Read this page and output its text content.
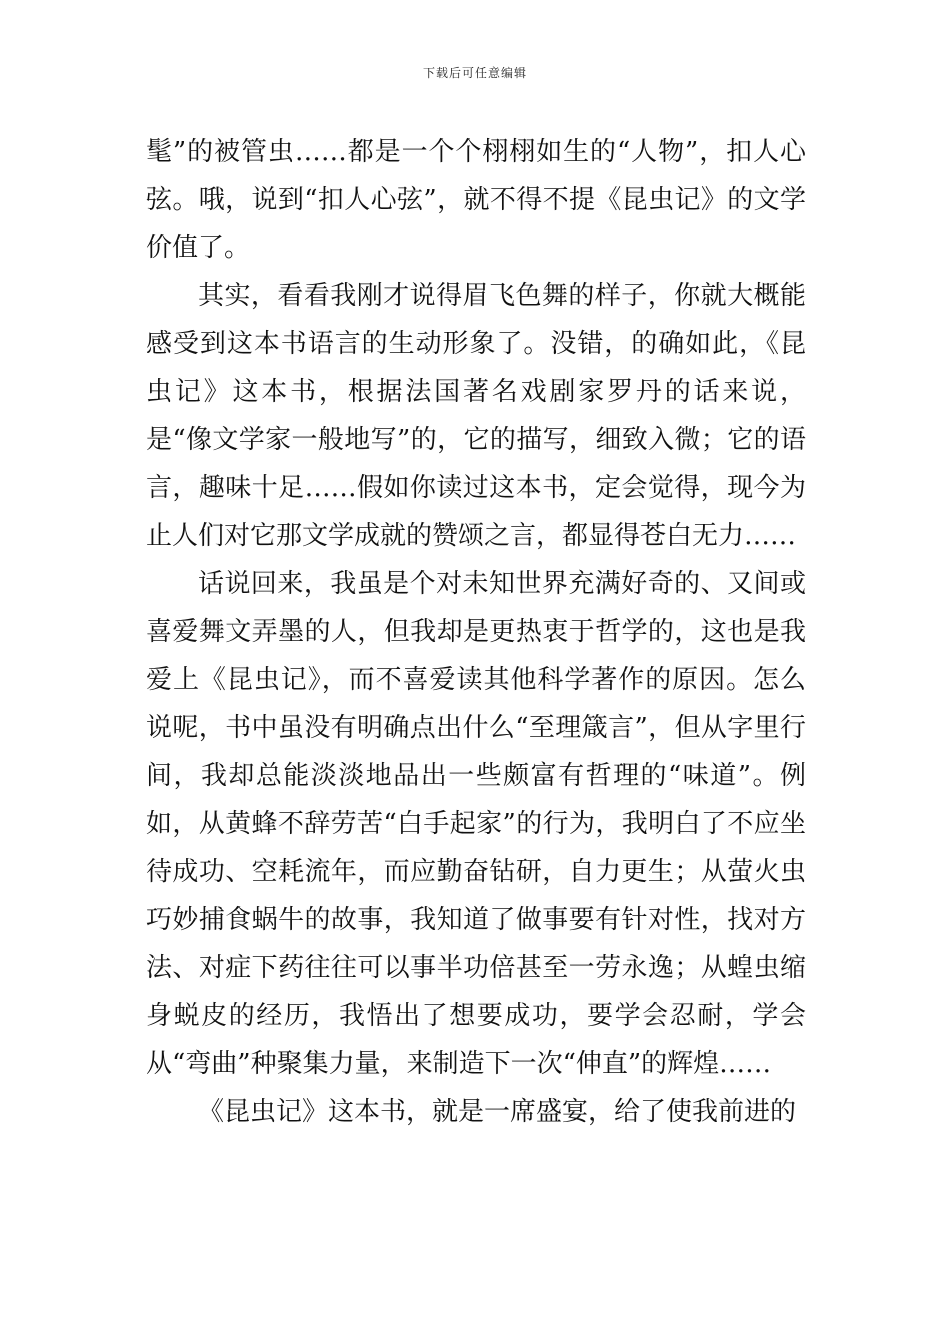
下载后可任意编辑

髦”的被管虫……都是一个个栩栩如生的“人物”，扣人心弦。哦，说到“扣人心弦”，就不得不提《昆虫记》的文学价值了。

其实，看看我刚才说得眉飞色舞的样子，你就大概能感受到这本书语言的生动形象了。没错，的确如此，《昆虫记》这本书，根据法国著名戏剧家罗丹的话来说，是“像文学家一般地写”的，它的描写，细致入微；它的语言，趣味十足……假如你读过这本书，定会觉得，现今为止人们对它那文学成就的赞颂之言，都显得苍白无力……

话说回来，我虽是个对未知世界充满好奇的、又间或喜爱舞文弄墨的人，但我却是更热衷于哲学的，这也是我爱上《昆虫记》，而不喜爱读其他科学著作的原因。怎么说呢，书中虽没有明确点出什么“至理箴言”，但从字里行间，我却总能淡淡地品出一些颇富有哲理的“味道”。例如，从黄蜂不辞劳苦“白手起家”的行为，我明白了不应坐待成功、空耗流年，而应勤奋钻研，自力更生；从萤火虫巧妙捕食蜗牛的故事，我知道了做事要有针对性，找对方法、对症下药往往可以事半功倍甚至一劳永逸；从蝗虫缩身蜕皮的经历，我悟出了想要成功，要学会忍耐，学会从“弯曲”种聚集力量，来制造下一次“伸直”的辉煌……

《昆虫记》这本书，就是一席盛宴，给了使我前进的
